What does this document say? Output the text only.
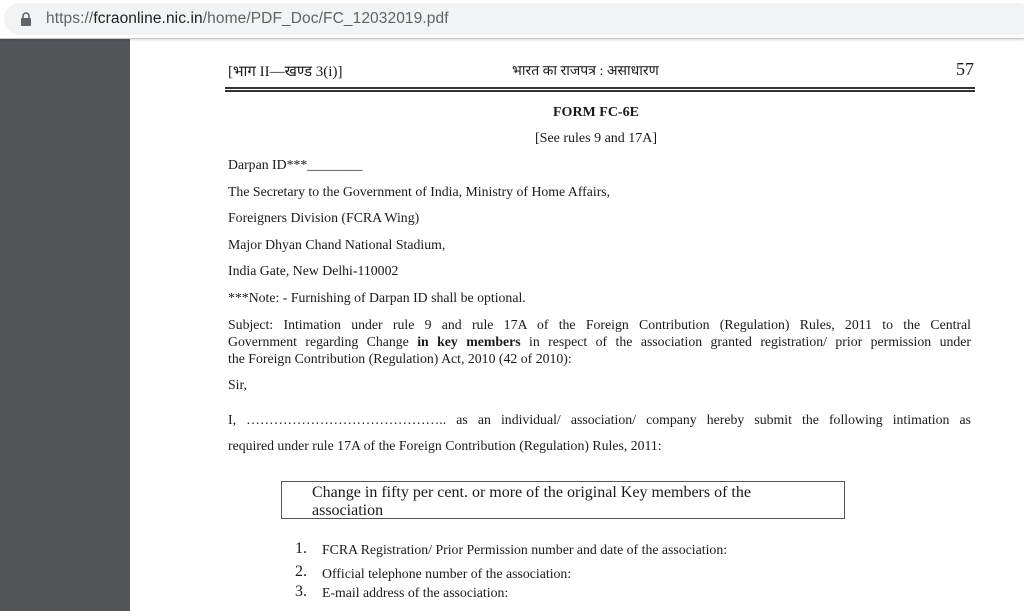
https://fcraonline.nic.in/home/PDF_Doc/FC_12032019.pdf
[भाग II—खण्ड 3(i)]	भारत का राजपत्र : असाधारण	57
FORM FC-6E
[See rules 9 and 17A]
Darpan ID***________
The Secretary to the Government of India, Ministry of Home Affairs,
Foreigners Division (FCRA Wing)
Major Dhyan Chand National Stadium,
India Gate, New Delhi-110002
***Note: - Furnishing of Darpan ID shall be optional.
Subject: Intimation under rule 9 and rule 17A of the Foreign Contribution (Regulation) Rules, 2011 to the Central
Government regarding Change in key members in respect of the association granted registration/ prior permission under
the Foreign Contribution (Regulation) Act, 2010 (42 of 2010):
Sir,
I, …………………………………….. as an individual/ association/ company hereby submit the following intimation as
required under rule 17A of the Foreign Contribution (Regulation) Rules, 2011:
Change in fifty per cent. or more of the original Key members of the
association
1. FCRA Registration/ Prior Permission number and date of the association:
2. Official telephone number of the association:
3. E-mail address of the association:
